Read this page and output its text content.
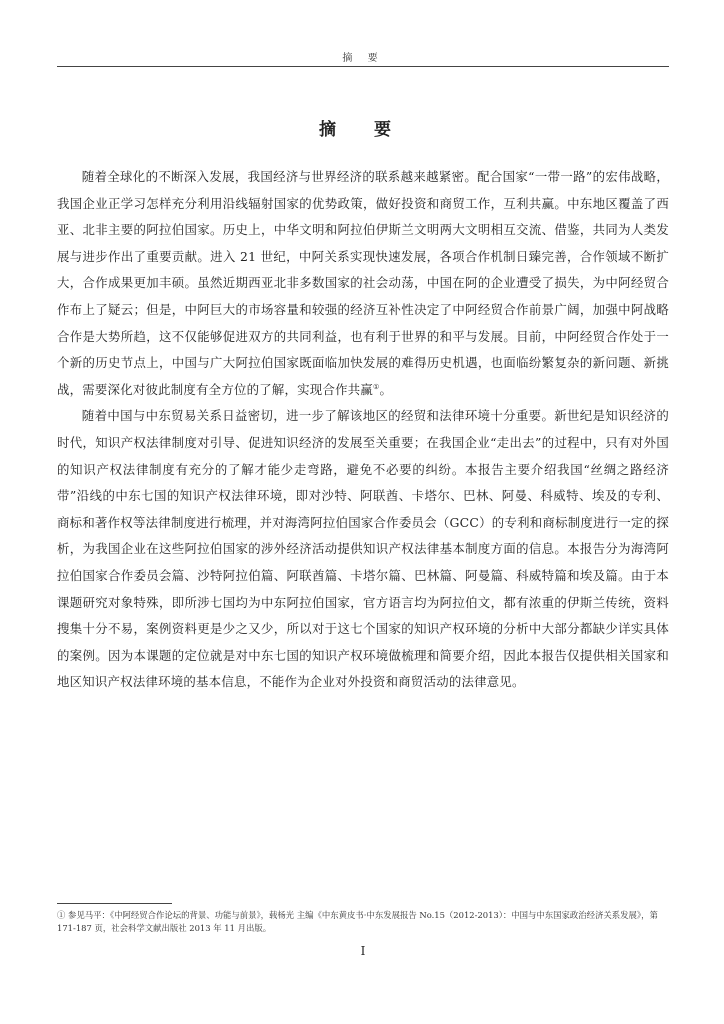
摘 要
摘 要

随着全球化的不断深入发展，我国经济与世界经济的联系越来越紧密。配合国家“一带一路”的宏伟战略，我国企业正学习怎样充分利用沿线辐射国家的优势政策，做好投资和商贸工作，互利共赢。中东地区覆盖了西亚、北非主要的阿拉伯国家。历史上，中华文明和阿拉伯伊斯兰文明两大文明相互交流、借鉴，共同为人类发展与进步作出了重要贡献。进入 21 世纪，中阿关系实现快速发展，各项合作机制日臻完善，合作领域不断扩大，合作成果更加丰硕。虽然近期西亚北非多数国家的社会动荡，中国在阿的企业遭受了损失，为中阿经贸合作布上了疑云；但是，中阿巨大的市场容量和较强的经济互补性决定了中阿经贸合作前景广阔，加强中阿战略合作是大势所趋，这不仅能够促进双方的共同利益，也有利于世界的和平与发展。目前，中阿经贸合作处于一个新的历史节点上，中国与广大阿拉伯国家既面临加快发展的难得历史机遇，也面临纷繁复杂的新问题、新挑战，需要深化对彼此制度有全方位的了解，实现合作共赢①。

随着中国与中东贸易关系日益密切，进一步了解该地区的经贸和法律环境十分重要。新世纪是知识经济的时代，知识产权法律制度对引导、促进知识经济的发展至关重要；在我国企业“走出去”的过程中，只有对外国的知识产权法律制度有充分的了解才能少走弯路，避免不必要的纠纷。本报告主要介绍我国“丝绸之路经济带”沿线的中东七国的知识产权法律环境，即对沙特、阿联酋、卡塔尔、巴林、阿曼、科威特、埃及的专利、商标和著作权等法律制度进行梳理，并对海湾阿拉伯国家合作委员会（GCC）的专利和商标制度进行一定的探析，为我国企业在这些阿拉伯国家的涉外经济活动提供知识产权法律基本制度方面的信息。本报告分为海湾阿拉伯国家合作委员会篇、沙特阿拉伯篇、阿联酋篇、卡塔尔篇、巴林篇、阿曼篇、科威特篇和埃及篇。由于本课题研究对象特殊，即所涉七国均为中东阿拉伯国家，官方语言均为阿拉伯文，都有浓重的伊斯兰传统，资料搜集十分不易，案例资料更是少之又少，所以对于这七个国家的知识产权环境的分析中大部分都缺少详实具体的案例。因为本课题的定位就是对中东七国的知识产权环境做梳理和简要介绍，因此本报告仅提供相关国家和地区知识产权法律环境的基本信息，不能作为企业对外投资和商贸活动的法律意见。

① 参见马平：《中阿经贸合作论坛的背景、功能与前景》，载杨光 主编《中东黄皮书·中东发展报告 No.15（2012-2013）：中国与中东国家政治经济关系发展》，第 171-187 页，社会科学文献出版社 2013 年 11 月出版。

I
